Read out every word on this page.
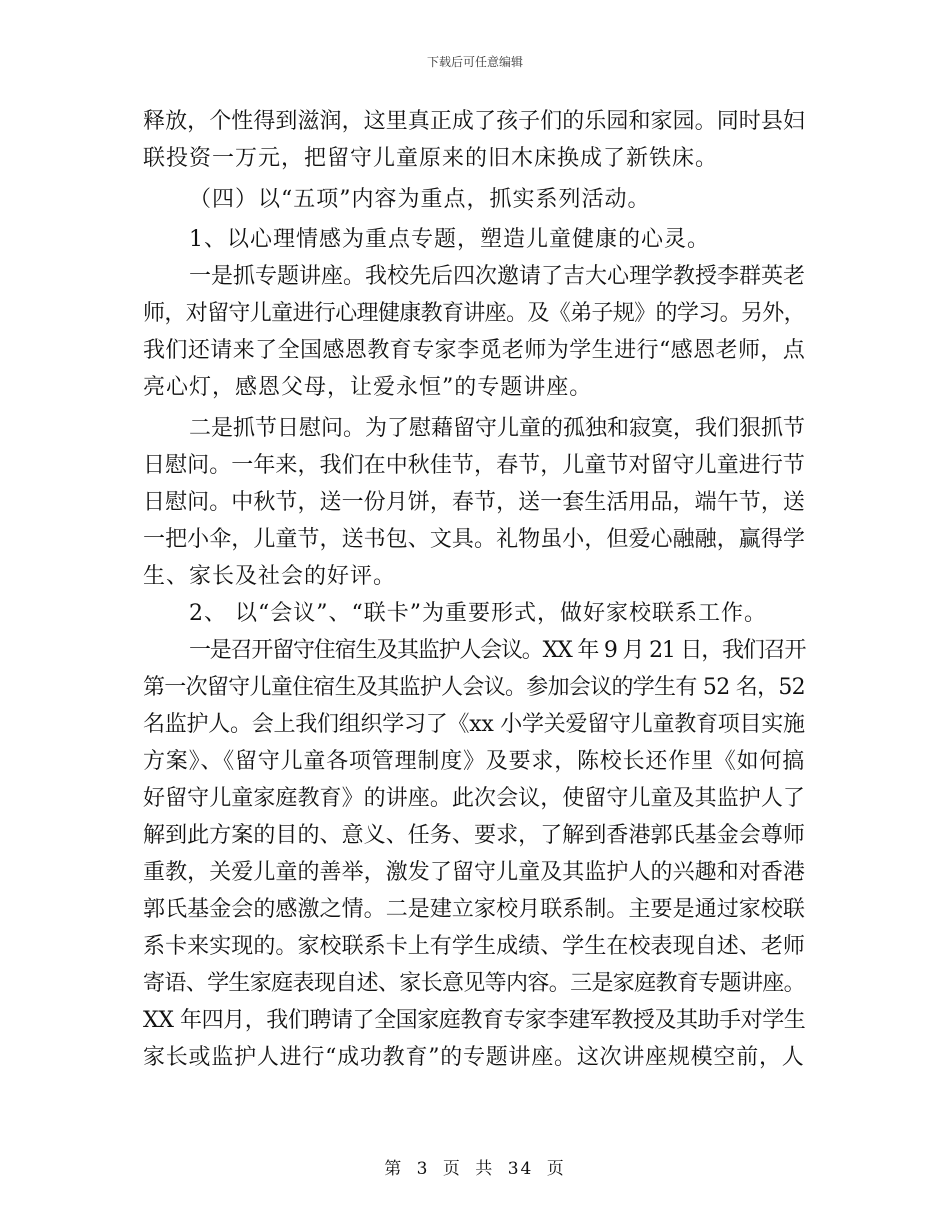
下载后可任意编辑
释放，个性得到滋润，这里真正成了孩子们的乐园和家园。同时县妇
联投资一万元，把留守儿童原来的旧木床换成了新铁床。
（四）以“五项”内容为重点，抓实系列活动。
1、以心理情感为重点专题，塑造儿童健康的心灵。
一是抓专题讲座。我校先后四次邀请了吉大心理学教授李群英老
师，对留守儿童进行心理健康教育讲座。及《弟子规》的学习。另外，
我们还请来了全国感恩教育专家李觅老师为学生进行“感恩老师，点
亮心灯，感恩父母，让爱永恒”的专题讲座。
二是抓节日慰问。为了慰藉留守儿童的孤独和寂寞，我们狠抓节
日慰问。一年来，我们在中秋佳节，春节，儿童节对留守儿童进行节
日慰问。中秋节，送一份月饼，春节，送一套生活用品，端午节，送
一把小伞，儿童节，送书包、文具。礼物虽小，但爱心融融，赢得学
生、家长及社会的好评。
2、 以“会议”、“联卡”为重要形式，做好家校联系工作。
一是召开留守住宿生及其监护人会议。XX 年 9 月 21 日，我们召开
第一次留守儿童住宿生及其监护人会议。参加会议的学生有 52 名，52
名监护人。会上我们组织学习了《xx 小学关爱留守儿童教育项目实施
方案》、《留守儿童各项管理制度》及要求，陈校长还作里《如何搞
好留守儿童家庭教育》的讲座。此次会议，使留守儿童及其监护人了
解到此方案的目的、意义、任务、要求，了解到香港郭氏基金会尊师
重教，关爱儿童的善举，激发了留守儿童及其监护人的兴趣和对香港
郭氏基金会的感激之情。二是建立家校月联系制。主要是通过家校联
系卡来实现的。家校联系卡上有学生成绩、学生在校表现自述、老师
寄语、学生家庭表现自述、家长意见等内容。三是家庭教育专题讲座。
XX 年四月，我们聘请了全国家庭教育专家李建军教授及其助手对学生
家长或监护人进行“成功教育”的专题讲座。这次讲座规模空前，人
第 3 页 共 34 页
